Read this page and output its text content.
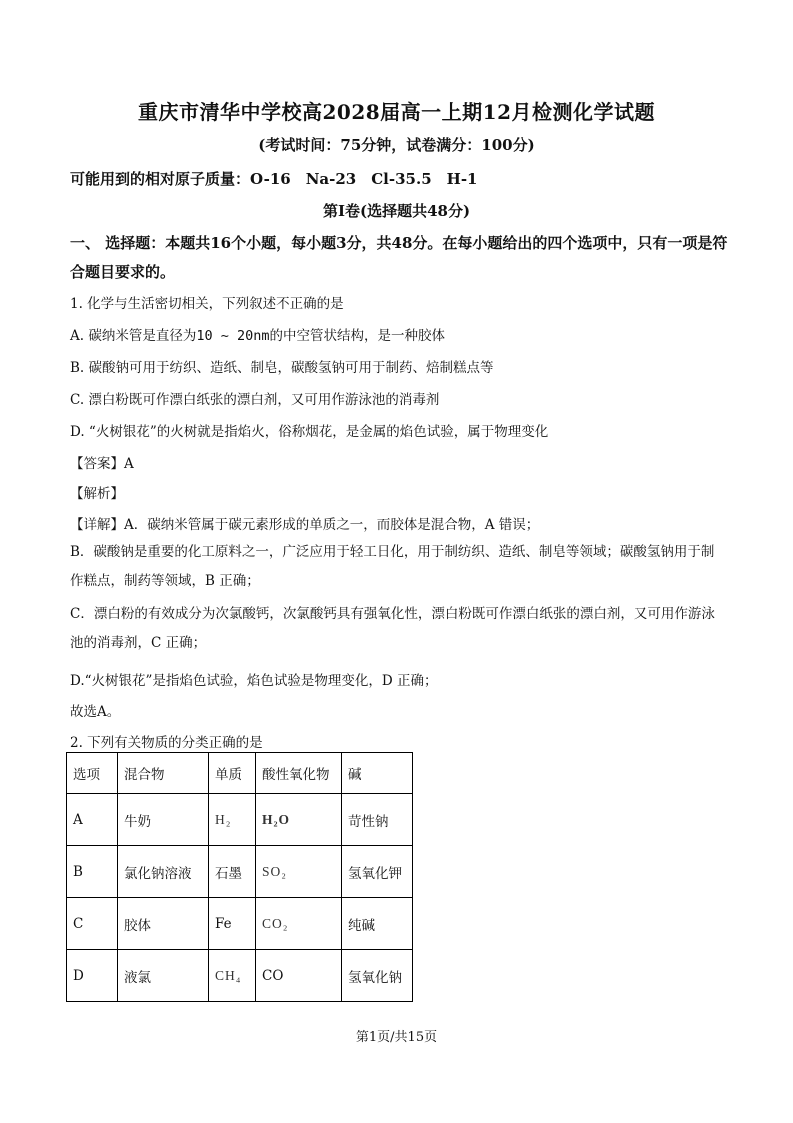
重庆市清华中学校高2028届高一上期12月检测化学试题
(考试时间：75分钟，试卷满分：100分)
可能用到的相对原子质量：O-16　Na-23　Cl-35.5　H-1
第Ⅰ卷(选择题共48分)
一、 选择题：本题共16个小题，每小题3分，共48分。在每小题给出的四个选项中，只有一项是符合题目要求的。
1. 化学与生活密切相关，下列叙述不正确的是
A. 碳纳米管是直径为10 ~ 20nm的中空管状结构，是一种胶体
B. 碳酸钠可用于纺织、造纸、制皂，碳酸氢钠可用于制药、焙制糕点等
C. 漂白粉既可作漂白纸张的漂白剂，又可用作游泳池的消毒剂
D. “火树银花”的火树就是指焰火，俗称烟花，是金属的焰色试验，属于物理变化
【答案】A
【解析】
【详解】A．碳纳米管属于碳元素形成的单质之一，而胶体是混合物，A 错误；
B．碳酸钠是重要的化工原料之一，广泛应用于轻工日化，用于制纺织、造纸、制皂等领域；碳酸氢钠用于制作糕点，制药等领域，B 正确；
C．漂白粉的有效成分为次氯酸钙，次氯酸钙具有强氧化性，漂白粉既可作漂白纸张的漂白剂，又可用作游泳池的消毒剂，C 正确；
D.“火树银花”是指焰色试验，焰色试验是物理变化，D 正确；
故选A。
2. 下列有关物质的分类正确的是
选项	混合物	单质	酸性氧化物	碱
A	牛奶	H₂	H₂O	苛性钠
B	氯化钠溶液	石墨	SO₂	氢氧化钾
C	胶体	Fe	CO₂	纯碱
D	液氯	CH₄	CO	氢氧化钠
第1页/共15页
